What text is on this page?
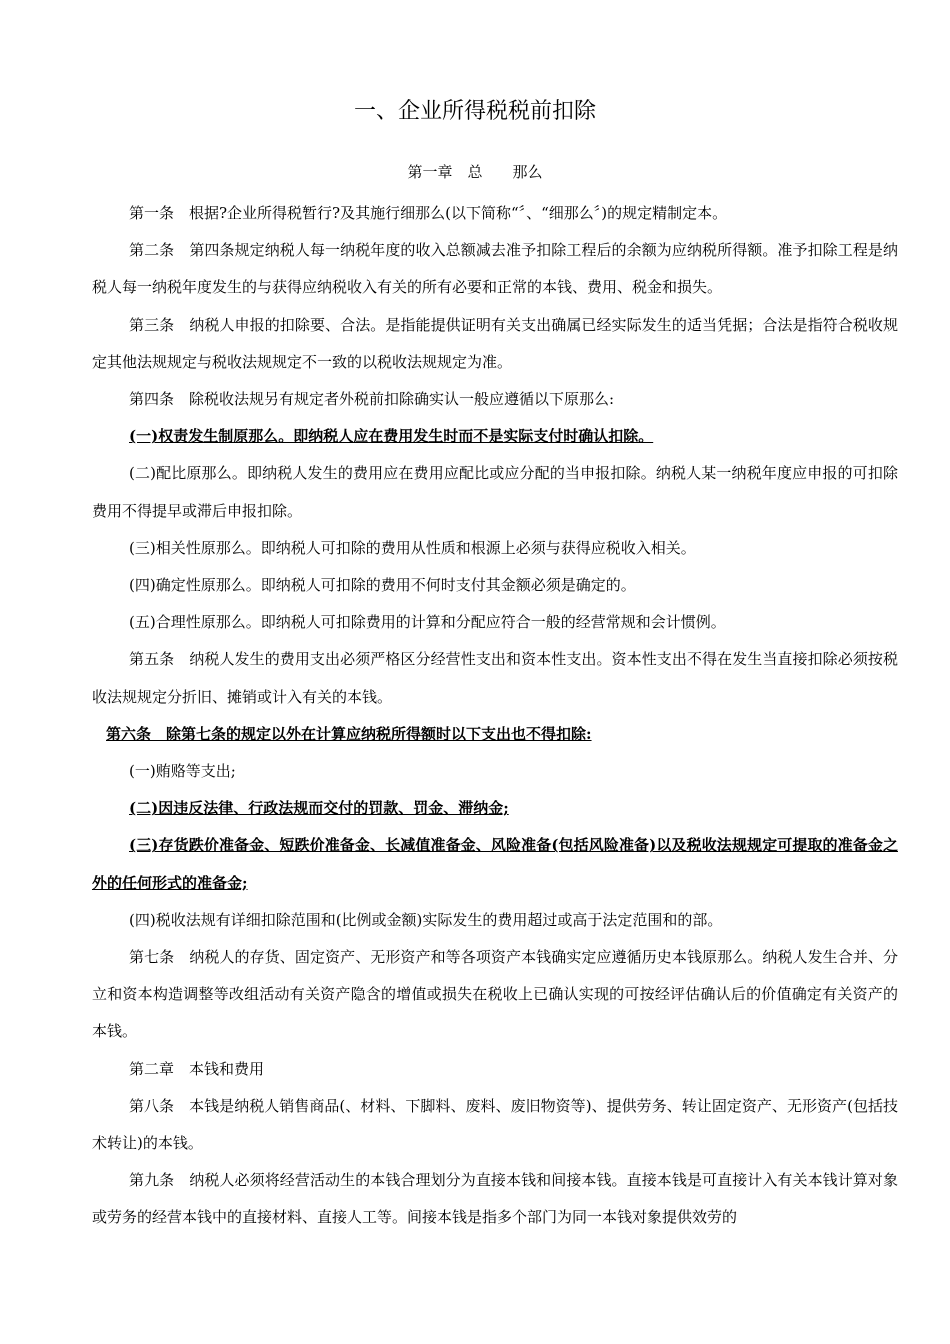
一、企业所得税税前扣除
第一章　总　　那么

第一条　根据?企业所得税暂行?及其施行细那么(以下简称“〞、“细那么〞)的规定精制定本。

第二条　第四条规定纳税人每一纳税年度的收入总额减去准予扣除工程后的余额为应纳税所得额。准予扣除工程是纳税人每一纳税年度发生的与获得应纳税收入有关的所有必要和正常的本钱、费用、税金和损失。

第三条　纳税人申报的扣除要、合法。是指能提供证明有关支出确属已经实际发生的适当凭据；合法是指符合税收规定其他法规规定与税收法规规定不一致的以税收法规规定为准。

第四条　除税收法规另有规定者外税前扣除确实认一般应遵循以下原那么:

(一)权责发生制原那么。即纳税人应在费用发生时而不是实际支付时确认扣除。

(二)配比原那么。即纳税人发生的费用应在费用应配比或应分配的当申报扣除。纳税人某一纳税年度应申报的可扣除费用不得提早或滞后申报扣除。

(三)相关性原那么。即纳税人可扣除的费用从性质和根源上必须与获得应税收入相关。

(四)确定性原那么。即纳税人可扣除的费用不何时支付其金额必须是确定的。

(五)合理性原那么。即纳税人可扣除费用的计算和分配应符合一般的经营常规和会计惯例。

第五条　纳税人发生的费用支出必须严格区分经营性支出和资本性支出。资本性支出不得在发生当直接扣除必须按税收法规规定分折旧、摊销或计入有关的本钱。

第六条　除第七条的规定以外在计算应纳税所得额时以下支出也不得扣除:

(一)贿赂等支出;

(二)因违反法律、行政法规而交付的罚款、罚金、滞纳金;

(三)存货跌价准备金、短跌价准备金、长减值准备金、风险准备(包括风险准备)以及税收法规规定可提取的准备金之外的任何形式的准备金;

(四)税收法规有详细扣除范围和(比例或金额)实际发生的费用超过或高于法定范围和的部。

第七条　纳税人的存货、固定资产、无形资产和等各项资产本钱确实定应遵循历史本钱原那么。纳税人发生合并、分立和资本构造调整等改组活动有关资产隐含的增值或损失在税收上已确认实现的可按经评估确认后的价值确定有关资产的本钱。

第二章　本钱和费用

第八条　本钱是纳税人销售商品(、材料、下脚料、废料、废旧物资等)、提供劳务、转让固定资产、无形资产(包括技术转让)的本钱。

第九条　纳税人必须将经营活动生的本钱合理划分为直接本钱和间接本钱。直接本钱是可直接计入有关本钱计算对象或劳务的经营本钱中的直接材料、直接人工等。间接本钱是指多个部门为同一本钱对象提供效劳的
